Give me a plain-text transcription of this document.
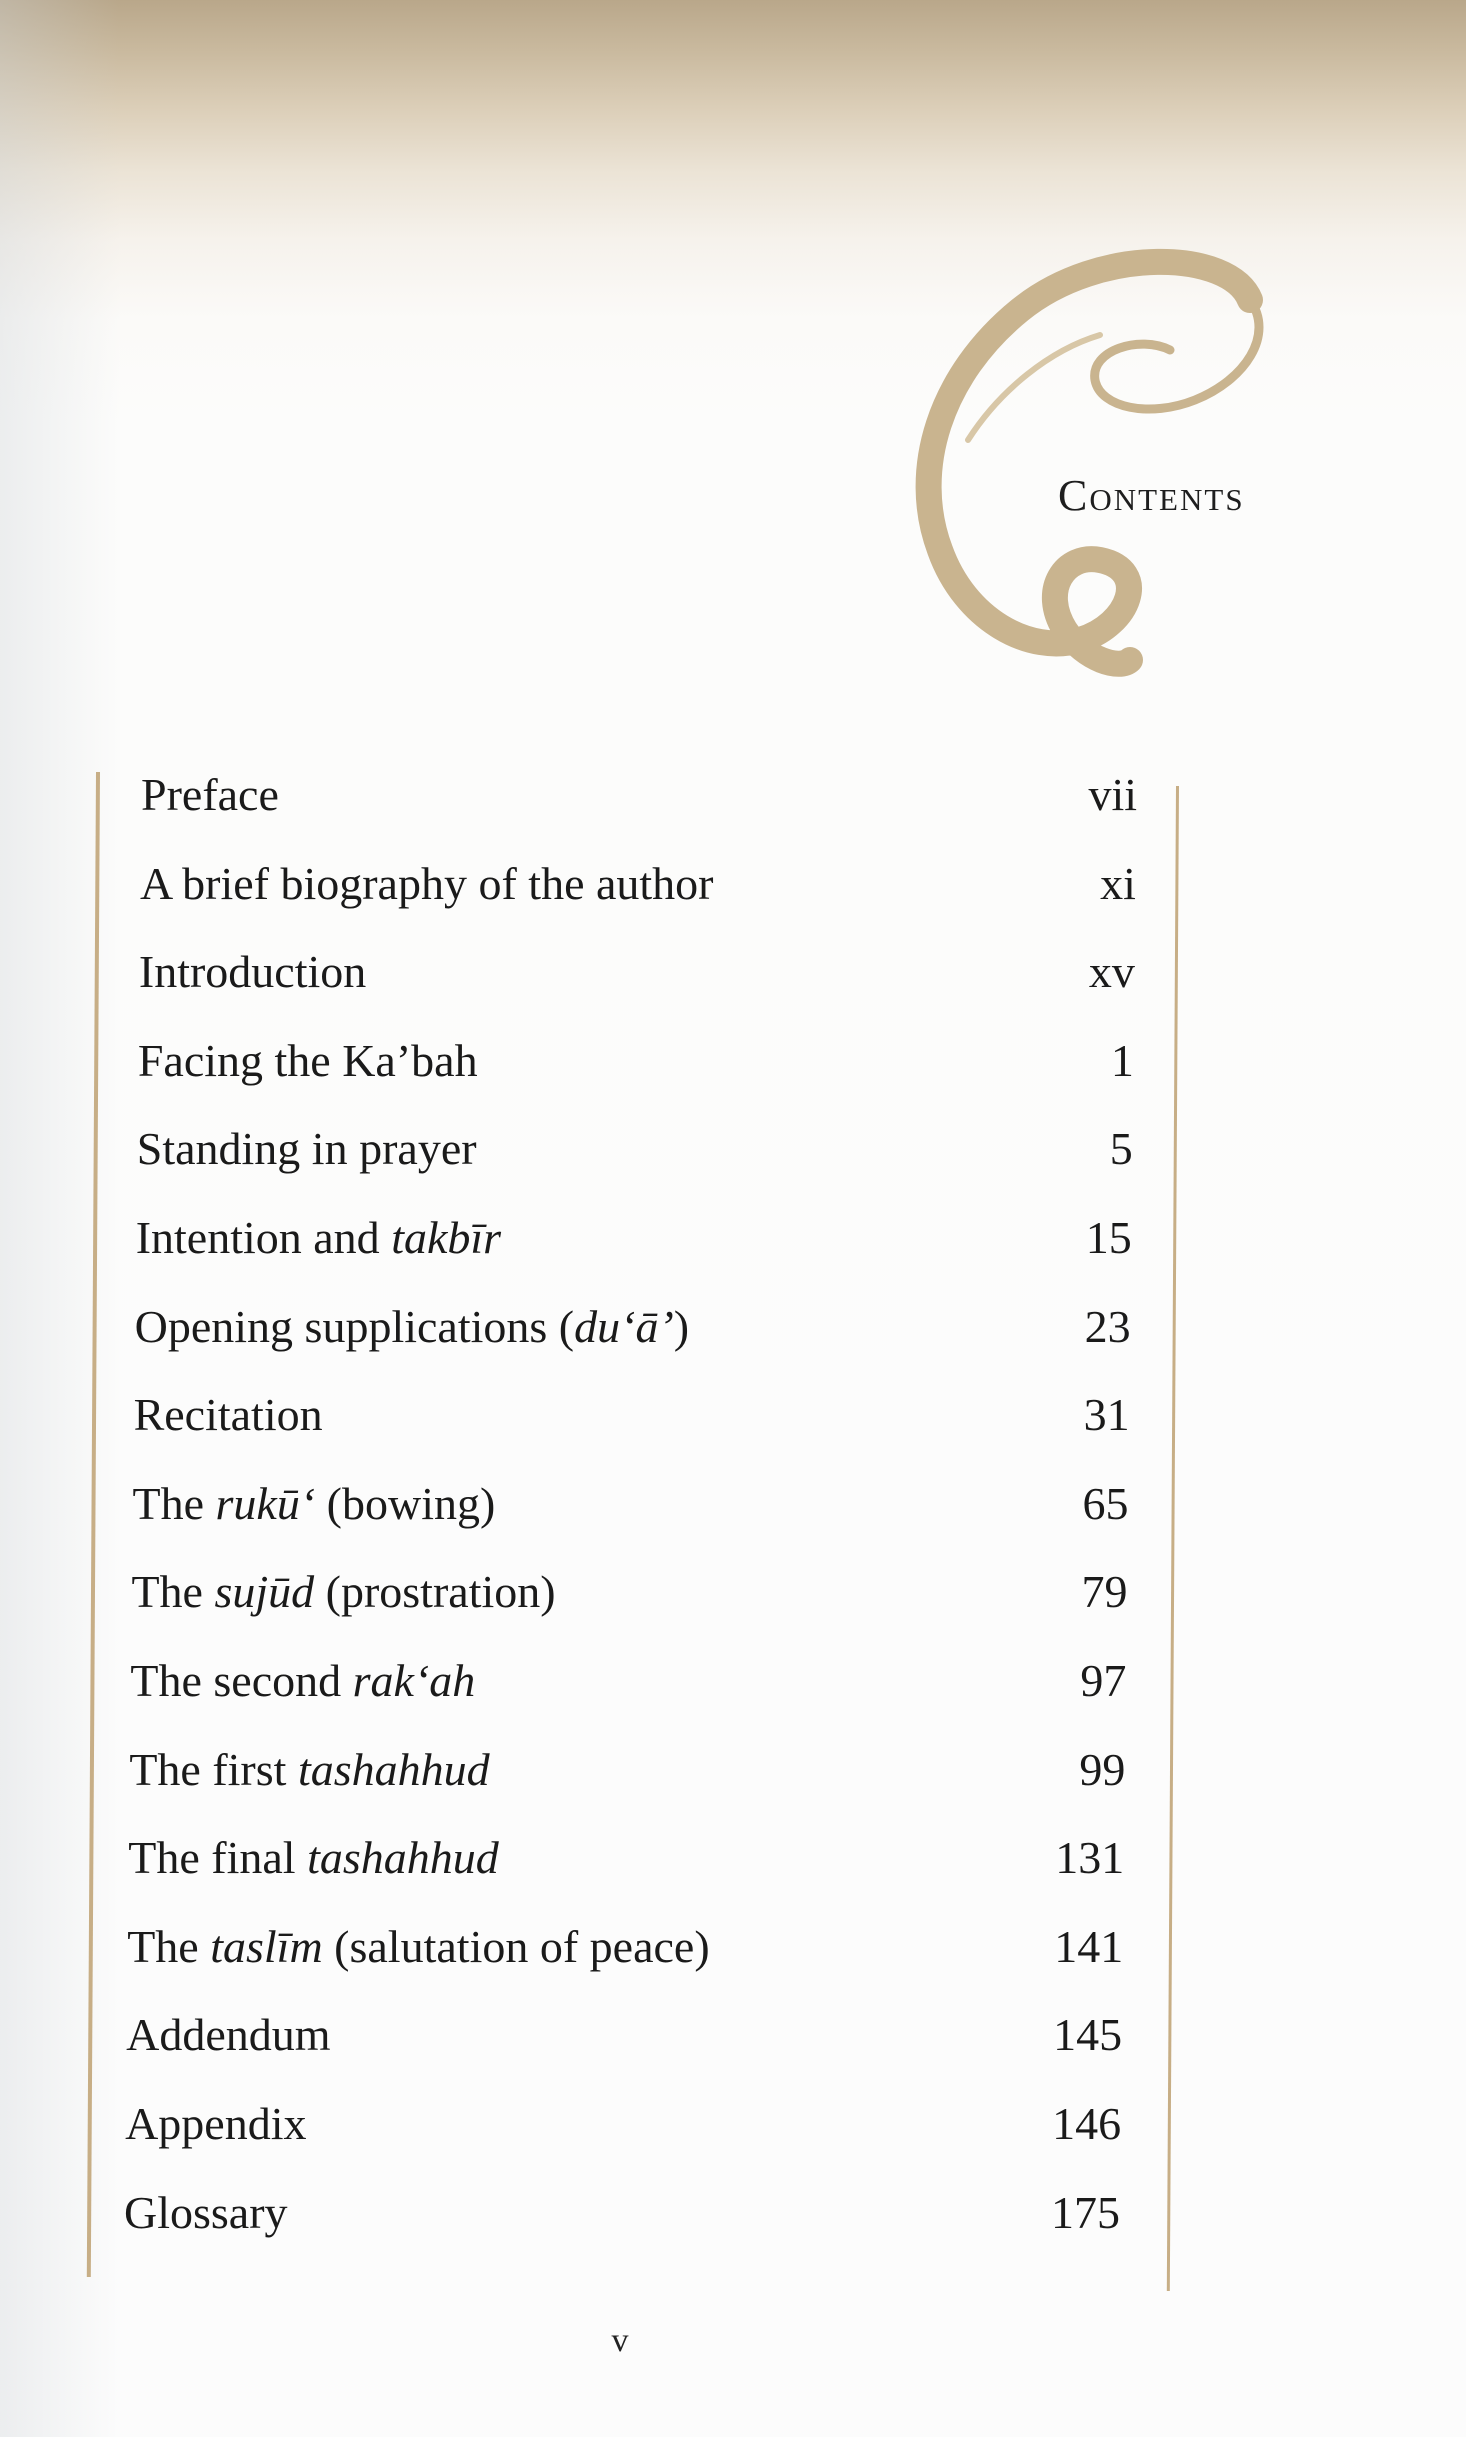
Contents
Preface	vii
A brief biography of the author	xi
Introduction	xv
Facing the Ka’bah	1
Standing in prayer	5
Intention and takbīr	15
Opening supplications (du‘ā’)	23
Recitation	31
The rukū‘ (bowing)	65
The sujūd (prostration)	79
The second rak‘ah	97
The first tashahhud	99
The final tashahhud	131
The taslīm (salutation of peace)	141
Addendum	145
Appendix	146
Glossary	175
v
